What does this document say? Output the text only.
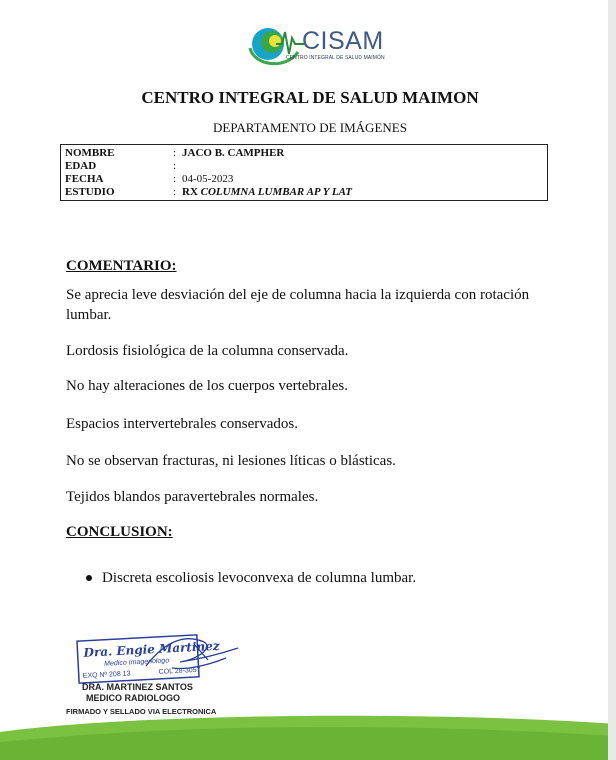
CISAM
CENTRO INTEGRAL DE SALUD MAIMÓN
CENTRO INTEGRAL DE SALUD MAIMON
DEPARTAMENTO DE IMÁGENES
NOMBRE	: JACO B. CAMPHER
EDAD	:
FECHA	: 04-05-2023
ESTUDIO	: RX COLUMNA LUMBAR AP Y LAT
COMENTARIO:
Se aprecia leve desviación del eje de columna hacia la izquierda con rotación lumbar.
Lordosis fisiológica de la columna conservada.
No hay alteraciones de los cuerpos vertebrales.
Espacios intervertebrales conservados.
No se observan fracturas, ni lesiones líticas o blásticas.
Tejidos blandos paravertebrales normales.
CONCLUSION:
Discreta escoliosis levoconvexa de columna lumbar.
Dra. Engie Martinez
Medico Imagenologo
EXQ Nº 208 13	COL 28-3057
DRA. MARTINEZ SANTOS
MEDICO RADIOLOGO
FIRMADO Y SELLADO VIA ELECTRONICA
